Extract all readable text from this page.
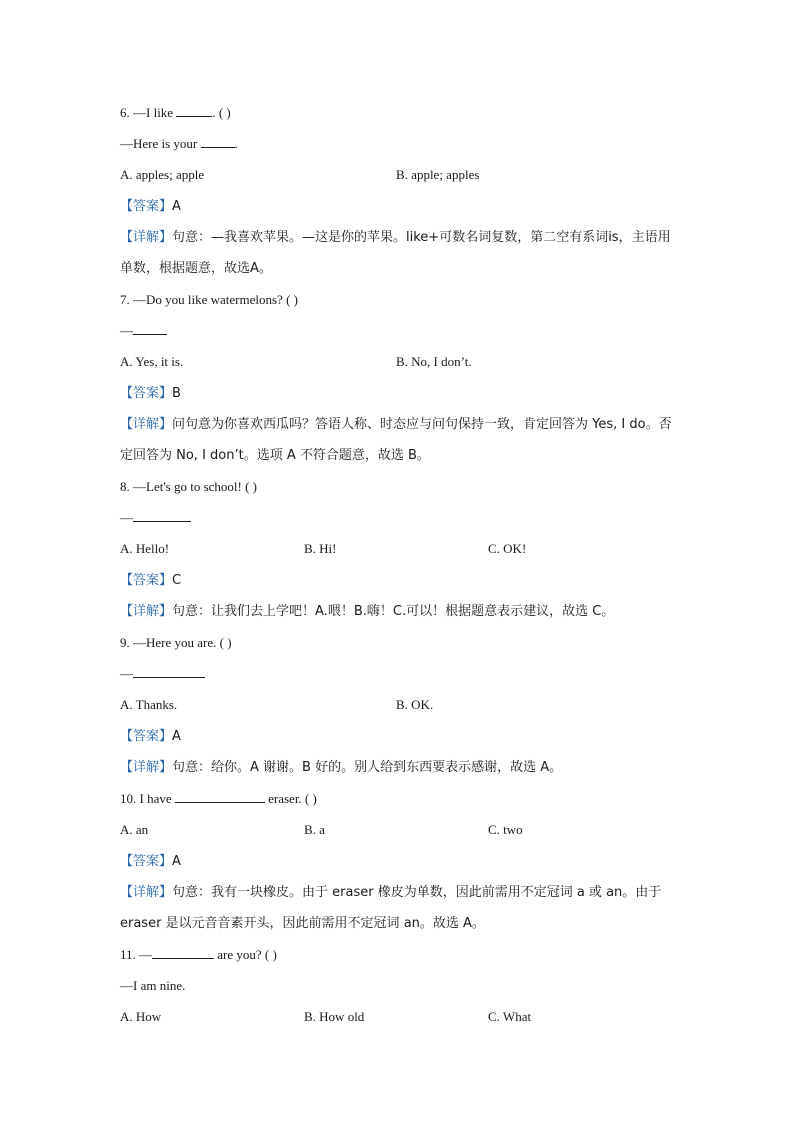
6. —I like	. ( )
—Here is your	.
A. apples; apple	B. apple; apples
【答案】A
【详解】句意：—我喜欢苹果。—这是你的苹果。like+可数名词复数，第二空有系词is，主语用单数，根据题意，故选A。
7. —Do you like watermelons? ( )
—
A. Yes, it is.	B. No, I don’t.
【答案】B
【详解】问句意为你喜欢西瓜吗？答语人称、时态应与问句保持一致，肯定回答为 Yes, I do。否定回答为 No, I don’t。选项 A 不符合题意，故选 B。
8. —Let's go to school! ( )
—
A. Hello!	B. Hi!	C. OK!
【答案】C
【详解】句意：让我们去上学吧！A.喂！B.嗨！C.可以！根据题意表示建议，故选 C。
9. —Here you are. ( )
—
A. Thanks.	B. OK.
【答案】A
【详解】句意：给你。A 谢谢。B 好的。别人给到东西要表示感谢，故选 A。
10. I have	eraser. ( )
A. an	B. a	C. two
【答案】A
【详解】句意：我有一块橡皮。由于 eraser 橡皮为单数，因此前需用不定冠词 a 或 an。由于 eraser 是以元音音素开头，因此前需用不定冠词 an。故选 A。
11. —	are you? ( )
—I am nine.
A. How	B. How old	C. What
